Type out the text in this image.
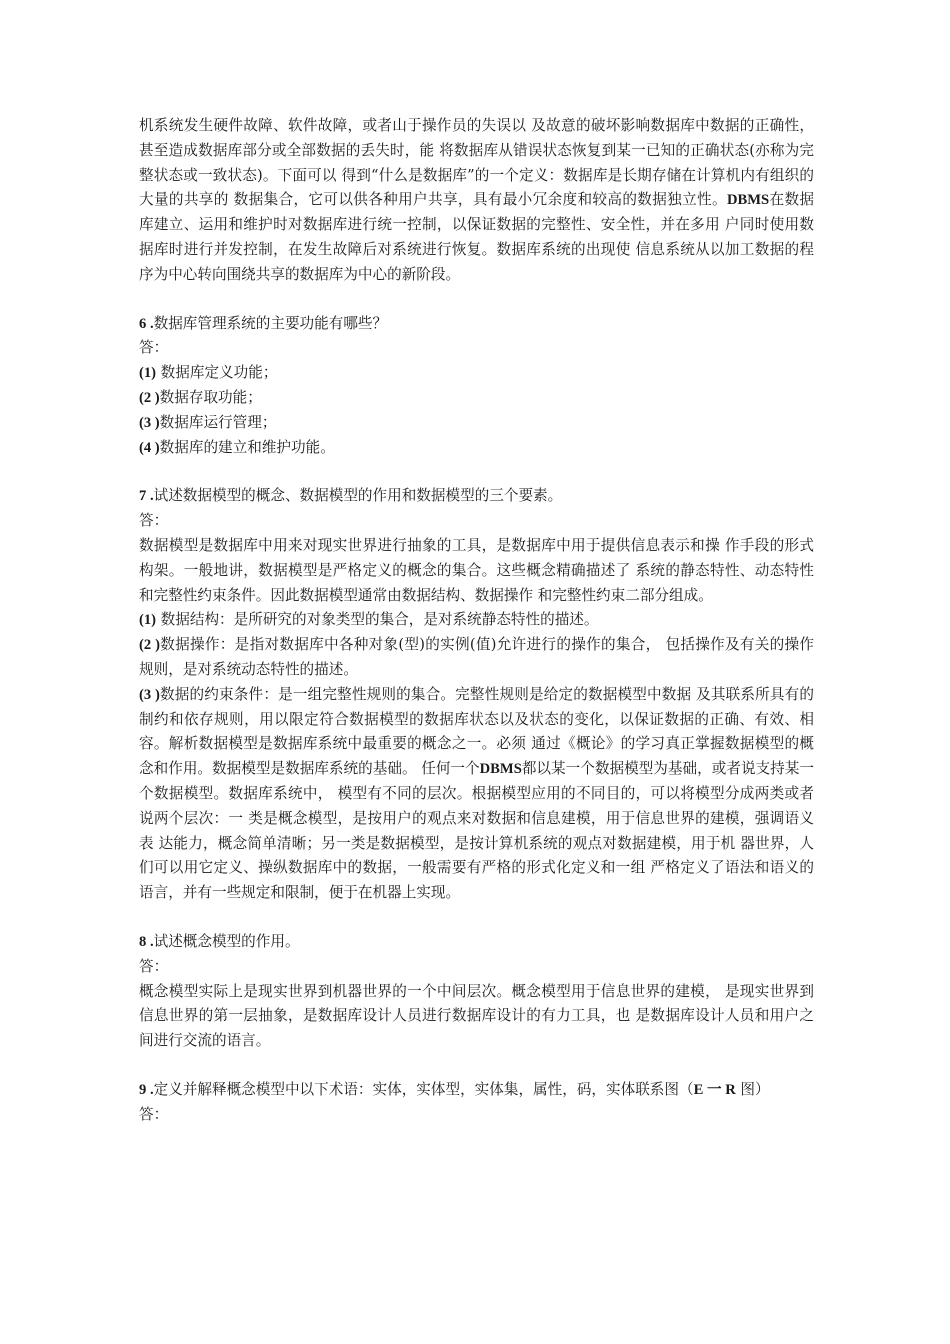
机系统发生硬件故障、软件故障，或者山于操作员的失误以 及故意的破坏影响数据库中数据的正确性，甚至造成数据库部分或全部数据的丢失时，能 将数据库从错误状态恢复到某一已知的正确状态(亦称为完整状态或一致状态)。下面可以 得到“什么是数据库”的一个定义：数据库是长期存储在计算机内有组织的大量的共享的 数据集合，它可以供各种用户共享，具有最小冗余度和较高的数据独立性。DBMS在数据 库建立、运用和维护时对数据库进行统一控制，以保证数据的完整性、安全性，并在多用 户同时使用数据库时进行并发控制，在发生故障后对系统进行恢复。数据库系统的出现使 信息系统从以加工数据的程序为中心转向围绕共享的数据库为中心的新阶段。

6 .数据库管理系统的主要功能有哪些？

答：

(1) 数据库定义功能；

(2 )数据存取功能；

(3 )数据库运行管理；

(4 )数据库的建立和维护功能。

7 .试述数据模型的概念、数据模型的作用和数据模型的三个要素。

答：

数据模型是数据库中用来对现实世界进行抽象的工具，是数据库中用于提供信息表示和操 作手段的形式构架。一般地讲，数据模型是严格定义的概念的集合。这些概念精确描述了 系统的静态特性、动态特性和完整性约束条件。因此数据模型通常由数据结构、数据操作 和完整性约束二部分组成。

(1) 数据结构：是所研究的对象类型的集合，是对系统静态特性的描述。

(2 )数据操作：是指对数据库中各种对象(型)的实例(值)允许进行的操作的集合， 包括操作及有关的操作规则，是对系统动态特性的描述。

(3 )数据的约束条件：是一组完整性规则的集合。完整性规则是给定的数据模型中数据 及其联系所具有的制约和依存规则，用以限定符合数据模型的数据库状态以及状态的变化，以保证数据的正确、有效、相容。解析数据模型是数据库系统中最重要的概念之一。必须 通过《概论》的学习真正掌握数据模型的概念和作用。数据模型是数据库系统的基础。 任何一个DBMS都以某一个数据模型为基础，或者说支持某一个数据模型。数据库系统中， 模型有不同的层次。根据模型应用的不同目的，可以将模型分成两类或者说两个层次：一 类是概念模型，是按用户的观点来对数据和信息建模，用于信息世界的建模，强调语义表 达能力，概念简单清晰；另一类是数据模型，是按计算机系统的观点对数据建模，用于机 器世界，人们可以用它定义、操纵数据库中的数据，一般需要有严格的形式化定义和一组 严格定义了语法和语义的语言，并有一些规定和限制，便于在机器上实现。

8 .试述概念模型的作用。

答：

概念模型实际上是现实世界到机器世界的一个中间层次。概念模型用于信息世界的建模， 是现实世界到信息世界的第一层抽象，是数据库设计人员进行数据库设计的有力工具，也 是数据库设计人员和用户之间进行交流的语言。

9 .定义并解释概念模型中以下术语：实体，实体型，实体集，属性，码，实体联系图（E 一 R 图）

答：
